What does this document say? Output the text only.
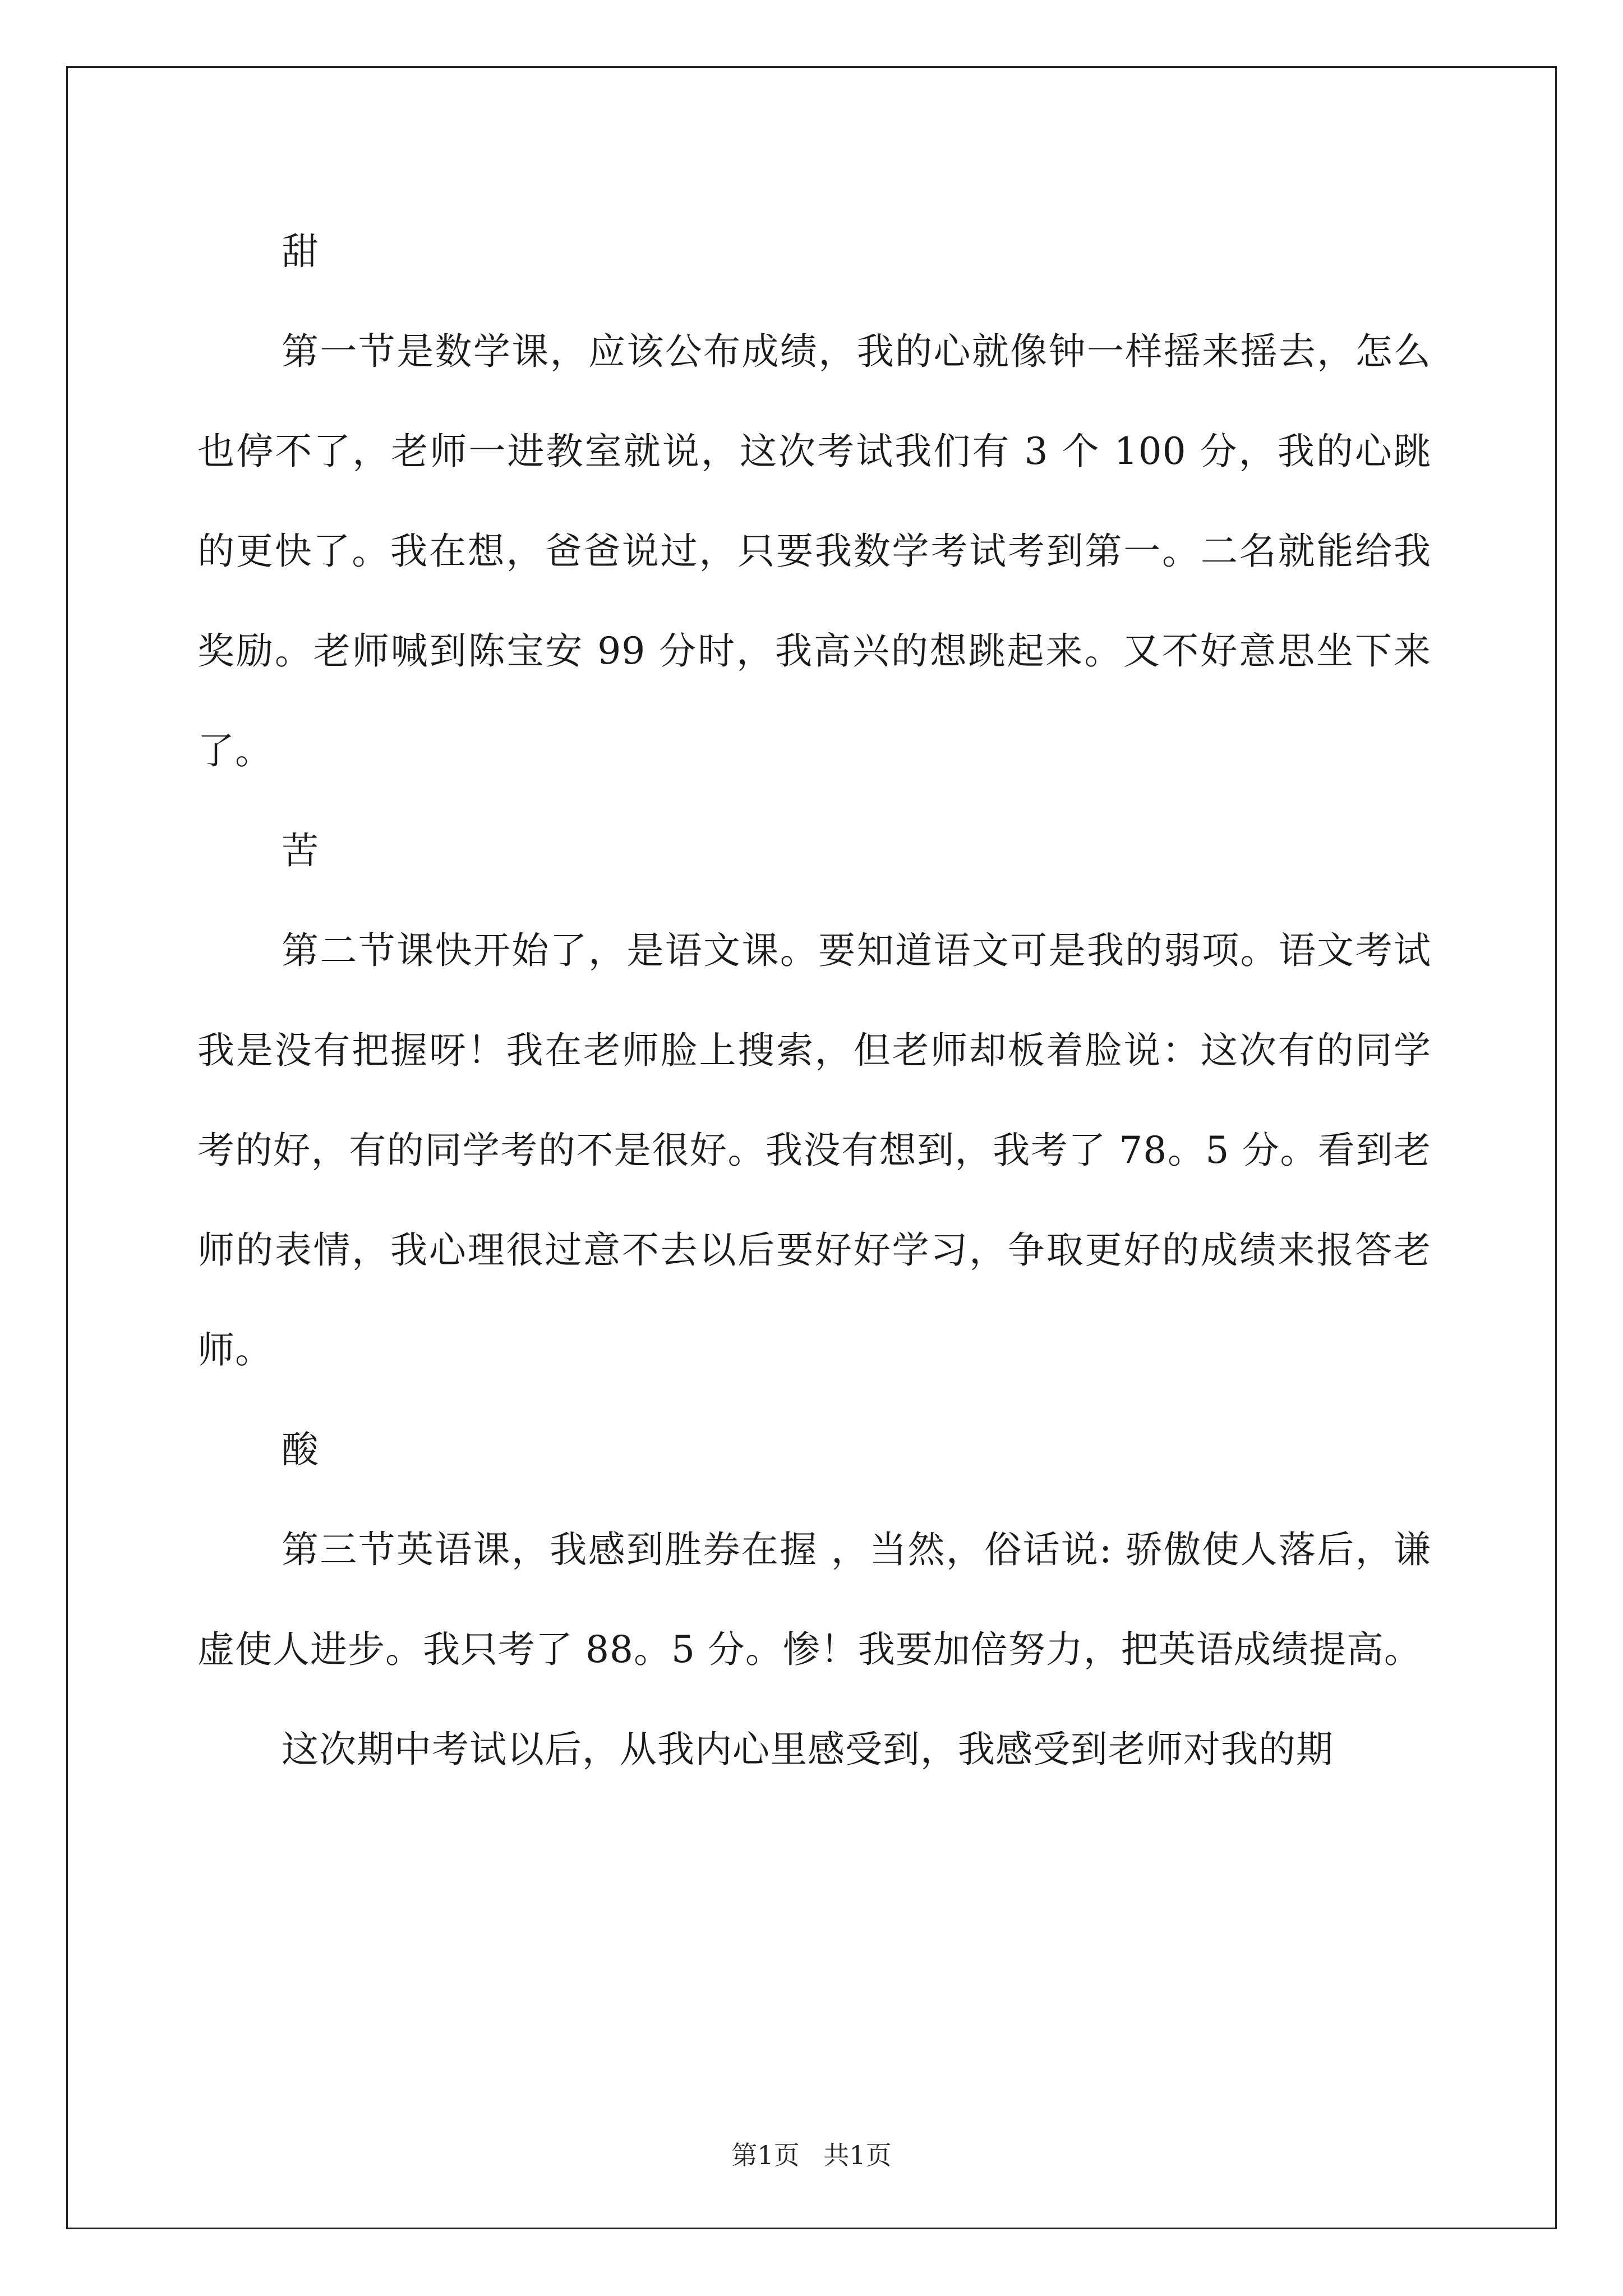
甜

第一节是数学课，应该公布成绩，我的心就像钟一样摇来摇去，怎么也停不了，老师一进教室就说，这次考试我们有 3 个 100 分，我的心跳的更快了。我在想，爸爸说过，只要我数学考试考到第一。二名就能给我奖励。老师喊到陈宝安 99 分时，我高兴的想跳起来。又不好意思坐下来了。

苦

第二节课快开始了，是语文课。要知道语文可是我的弱项。语文考试我是没有把握呀！我在老师脸上搜索，但老师却板着脸说：这次有的同学考的好，有的同学考的不是很好。我没有想到，我考了 78。5 分。看到老师的表情，我心理很过意不去以后要好好学习，争取更好的成绩来报答老师。

酸

第三节英语课，我感到胜券在握 ，当然，俗话说: 骄傲使人落后，谦虚使人进步。我只考了 88。5 分。惨！我要加倍努力，把英语成绩提高。

这次期中考试以后，从我内心里感受到，我感受到老师对我的期

第1页 共1页
